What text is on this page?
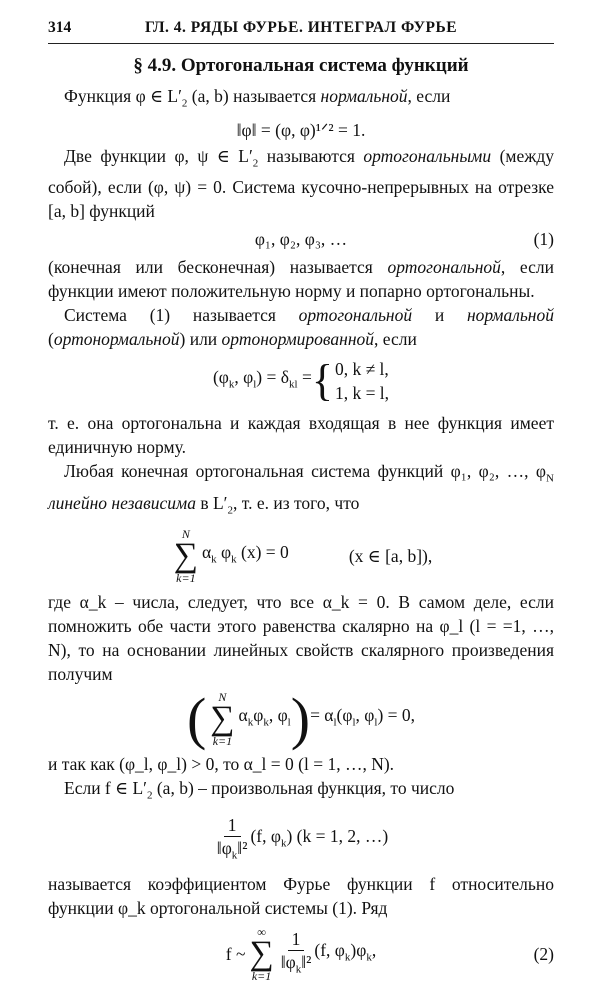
314	ГЛ. 4. РЯДЫ ФУРЬЕ. ИНТЕГРАЛ ФУРЬЕ
§ 4.9. Ортогональная система функций

Функция φ ∈ $L'_2$ (a, b) называется нормальной, если

‖φ‖ = (φ, φ)¹ᐟ² = 1.

Две функции φ, ψ ∈ $L'_2$ называются ортогональными (между собой), если (φ, ψ) = 0. Система кусочно-непрерывных на отрезке [a, b] функций

φ₁, φ₂, φ₃, …	(1)

(конечная или бесконечная) называется ортогональной, если функции имеют положительную норму и попарно ортогональны.

Система (1) называется ортогональной и нормальной (ортонормальной) или ортонормированной, если

($\varphi_k$, $\varphi_l) = \delta_{kl}$ = { 0, k ≠ l,
1, k = l,

т. е. она ортогональна и каждая входящая в нее функция имеет единичную норму.

Любая конечная ортогональная система функций φ₁, φ₂, …, $\varphi_N$ линейно независима в $L'_2$, т. е. из того, что

N
∑
k=1
$\alpha_k$ $\varphi_k$ (x) = 0	(x ∈ [a, b]),

где α_k – числа, следует, что все α_k = 0. В самом деле, если помножить обе части этого равенства скалярно на φ_l (l = =1, …, N), то на основании линейных свойств скалярного произведения получим

( N
∑
k=1
$\alpha_k\varphi_k$, $\varphi_l$ ) = $\alpha_l(\varphi_l$, $\varphi_l) = 0$,

и так как (φ_l, φ_l) > 0, то α_l = 0 (l = 1, …, N).

Если f ∈ $L'_2$ (a, b) – произвольная функция, то число

$\frac{1}{‖\varphi_k‖^2} (f$, $\varphi_k$) (k = 1, 2, …)

называется коэффициентом Фурье функции f относительно функции φ_k ортогональной системы (1). Ряд

f ~
∞
∑
$k=1 \frac{1}{‖\varphi_k‖^2} (f$, $\varphi_k)\varphi_k$,	(2)
